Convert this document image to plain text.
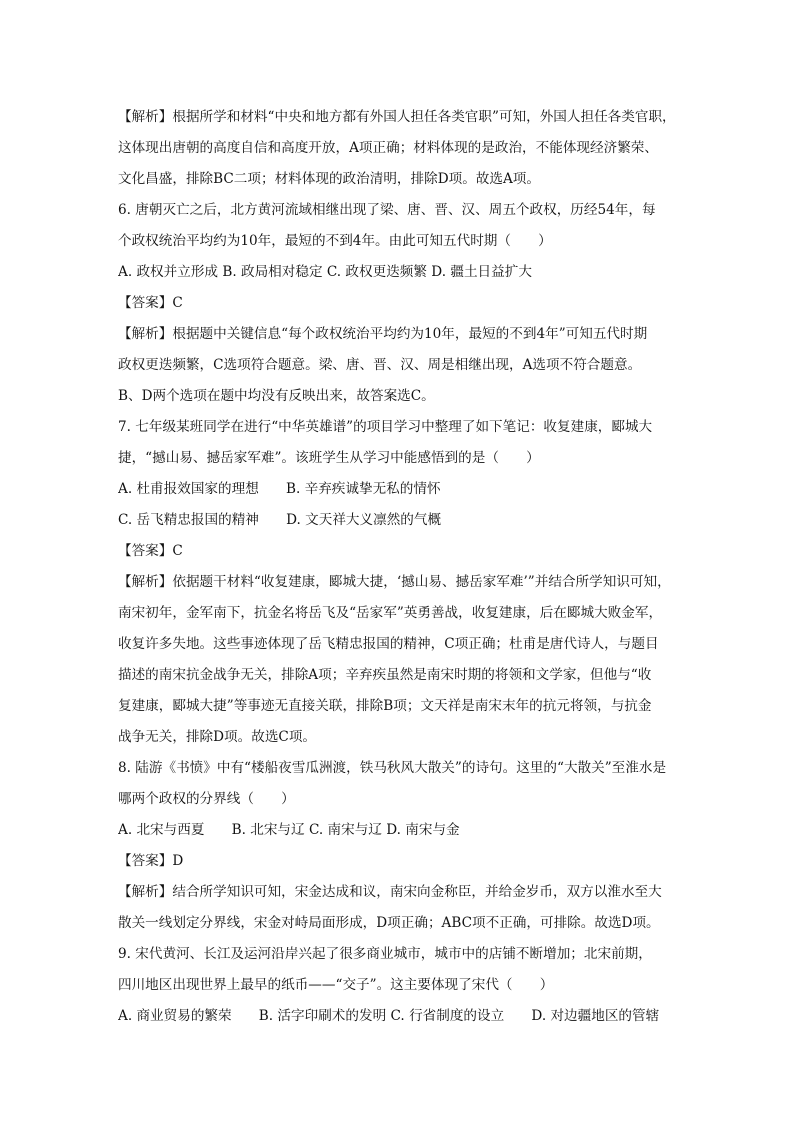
【解析】根据所学和材料“中央和地方都有外国人担任各类官职”可知，外国人担任各类官职，
这体现出唐朝的高度自信和高度开放，A项正确；材料体现的是政治，不能体现经济繁荣、
文化昌盛，排除BC二项；材料体现的政治清明，排除D项。故选A项。
6. 唐朝灭亡之后，北方黄河流域相继出现了梁、唐、晋、汉、周五个政权，历经54年，每
个政权统治平均约为10年，最短的不到4年。由此可知五代时期（　　）
A. 政权并立形成 B. 政局相对稳定 C. 政权更迭频繁 D. 疆土日益扩大
【答案】C
【解析】根据题中关键信息“每个政权统治平均约为10年，最短的不到4年”可知五代时期
政权更迭频繁，C选项符合题意。梁、唐、晋、汉、周是相继出现，A选项不符合题意。
B、D两个选项在题中均没有反映出来，故答案选C。
7. 七年级某班同学在进行“中华英雄谱”的项目学习中整理了如下笔记：收复建康，郾城大
捷，“撼山易、撼岳家军难”。该班学生从学习中能感悟到的是（　　）
A. 杜甫报效国家的理想　　B. 辛弃疾诚挚无私的情怀
C. 岳飞精忠报国的精神　　D. 文天祥大义凛然的气概
【答案】C
【解析】依据题干材料“收复建康，郾城大捷，‘撼山易、撼岳家军难’”并结合所学知识可知，
南宋初年，金军南下，抗金名将岳飞及“岳家军”英勇善战，收复建康，后在郾城大败金军，
收复许多失地。这些事迹体现了岳飞精忠报国的精神，C项正确；杜甫是唐代诗人，与题目
描述的南宋抗金战争无关，排除A项；辛弃疾虽然是南宋时期的将领和文学家，但他与“收
复建康，郾城大捷”等事迹无直接关联，排除B项；文天祥是南宋末年的抗元将领，与抗金
战争无关，排除D项。故选C项。
8. 陆游《书愤》中有“楼船夜雪瓜洲渡，铁马秋风大散关”的诗句。这里的“大散关”至淮水是
哪两个政权的分界线（　　）
A. 北宋与西夏　　B. 北宋与辽 C. 南宋与辽 D. 南宋与金
【答案】D
【解析】结合所学知识可知，宋金达成和议，南宋向金称臣，并给金岁币，双方以淮水至大
散关一线划定分界线，宋金对峙局面形成，D项正确；ABC项不正确，可排除。故选D项。
9. 宋代黄河、长江及运河沿岸兴起了很多商业城市，城市中的店铺不断增加；北宋前期，
四川地区出现世界上最早的纸币——“交子”。这主要体现了宋代（　　）
A. 商业贸易的繁荣　　B. 活字印刷术的发明 C. 行省制度的设立　　D. 对边疆地区的管辖
